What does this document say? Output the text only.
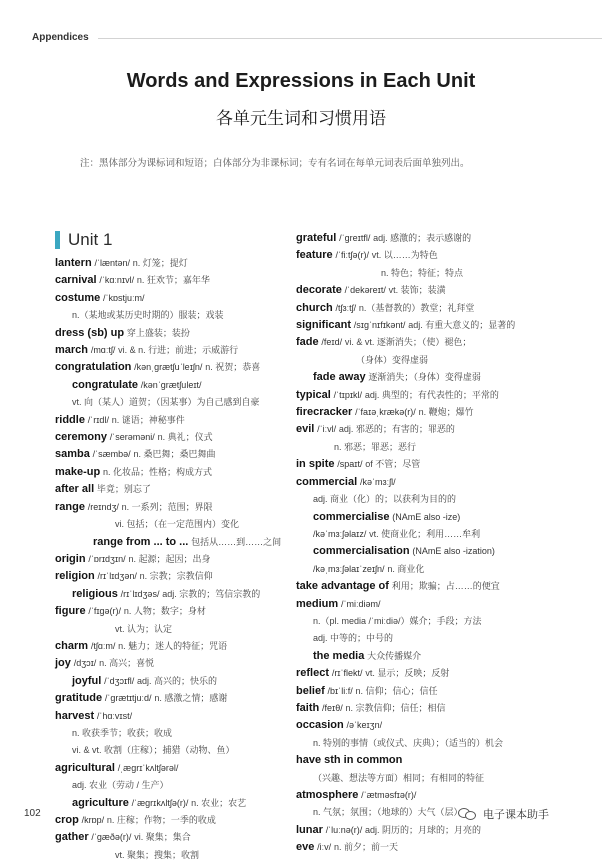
Appendices
Words and Expressions in Each Unit
各单元生词和习惯用语
注：黑体部分为课标词和短语；白体部分为非课标词；专有名词在每单元词表后面单独列出。
Unit 1
lantern /ˈlæntən/ n. 灯笼；提灯
carnival /ˈkɑːnɪvl/ n. 狂欢节；嘉年华
costume /ˈkɒstjuːm/
n.（某地或某历史时期的）服装；戏装
dress (sb) up 穿上盛装；装扮
march /mɑːtʃ/ vi. & n. 行进；前进；示威游行
congratulation /kənˌɡrætʃuˈleɪʃn/ n. 祝贺；恭喜
congratulate /kənˈɡrætʃuleɪt/
vt. 向（某人）道贺；（因某事）为自己感到自豪
riddle /ˈrɪdl/ n. 谜语；神秘事件
ceremony /ˈserəməni/ n. 典礼；仪式
samba /ˈsæmbə/ n. 桑巴舞；桑巴舞曲
make-up n. 化妆品；性格；构成方式
after all 毕竟；别忘了
range /reɪndʒ/ n. 一系列；范围；界限
vi. 包括；（在一定范围内）变化
range from ... to ... 包括从……到……之间
origin /ˈɒrɪdʒɪn/ n. 起源；起因；出身
religion /rɪˈlɪdʒən/ n. 宗教；宗教信仰
religious /rɪˈlɪdʒəs/ adj. 宗教的；笃信宗教的
figure /ˈfɪɡə(r)/ n. 人物；数字；身材
vt. 认为；认定
charm /tʃɑːm/ n. 魅力；迷人的特征；咒语
joy /dʒɔɪ/ n. 高兴；喜悦
joyful /ˈdʒɔɪfl/ adj. 高兴的；快乐的
gratitude /ˈɡrætɪtjuːd/ n. 感激之情；感谢
harvest /ˈhɑːvɪst/
n. 收获季节；收获；收成
vi. & vt. 收割（庄稼）；捕猎（动物、鱼）
agricultural /ˌæɡrɪˈkʌltʃərəl/
adj. 农业（劳动 / 生产）
agriculture /ˈæɡrɪkʌltʃə(r)/ n. 农业；农艺
crop /krɒp/ n. 庄稼；作物；一季的收成
gather /ˈɡæðə(r)/ vi. 聚集；集合
vt. 聚集；搜集；收割
grateful /ˈɡreɪtfl/ adj. 感激的；表示感谢的
feature /ˈfiːtʃə(r)/ vt. 以……为特色
n. 特色；特征；特点
decorate /ˈdekəreɪt/ vt. 装饰；装潢
church /tʃɜːtʃ/ n.（基督教的）教堂；礼拜堂
significant /sɪɡˈnɪfɪkənt/ adj. 有重大意义的；显著的
fade /feɪd/ vi. & vt. 逐渐消失；（使）褪色；
（身体）变得虚弱
fade away 逐渐消失；（身体）变得虚弱
typical /ˈtɪpɪkl/ adj. 典型的；有代表性的；平常的
firecracker /ˈfaɪəˌkrækə(r)/ n. 鞭炮；爆竹
evil /ˈiːvl/ adj. 邪恶的；有害的；罪恶的
n. 邪恶；罪恶；恶行
in spite /spaɪt/ of 不管；尽管
commercial /kəˈmɜːʃl/
adj. 商业（化）的；以获利为目的的
commercialise (NAmE also -ize)
/kəˈmɜːʃəlaɪz/ vt. 使商业化；利用……牟利
commercialisation (NAmE also -ization)
/kəˌmɜːʃəlaɪˈzeɪʃn/ n. 商业化
take advantage of 利用；欺骗；占……的便宜
medium /ˈmiːdiəm/
n.（pl. media /ˈmiːdiə/）媒介；手段；方法
adj. 中等的；中号的
the media 大众传播媒介
reflect /rɪˈflekt/ vt. 显示；反映；反射
belief /bɪˈliːf/ n. 信仰；信心；信任
faith /feɪθ/ n. 宗教信仰；信任；相信
occasion /əˈkeɪʒn/
n. 特别的事情（或仪式、庆典）；（适当的）机会
have sth in common
（兴趣、想法等方面）相同；有相同的特征
atmosphere /ˈætməsfɪə(r)/
n. 气氛；氛围；（地球的）大气（层）
lunar /ˈluːnə(r)/ adj. 阴历的；月球的；月亮的
eve /iːv/ n. 前夕；前一天
102	电子课本助手
